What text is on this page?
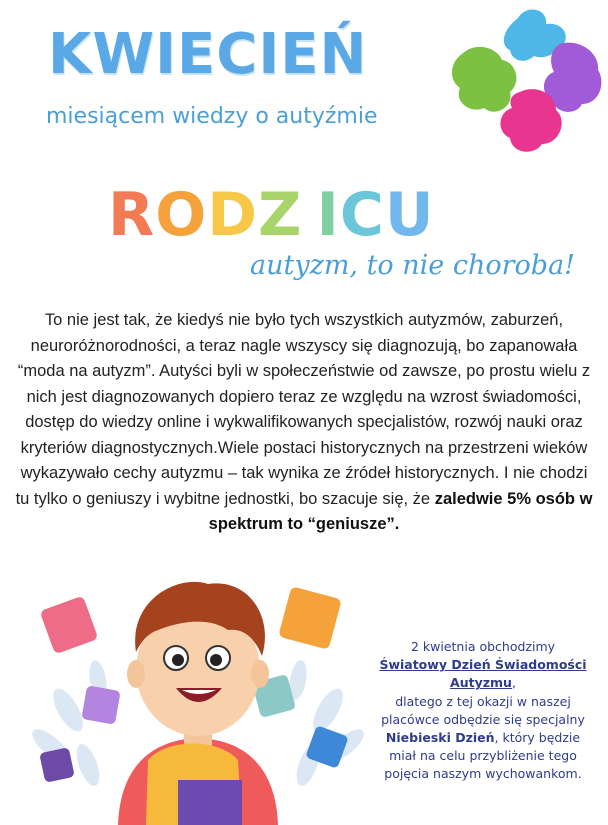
KWIECIEŃ
miesiącem wiedzy o autyźmie
RODZ ICU
autyzm, to nie choroba!

To nie jest tak, że kiedyś nie było tych wszystkich autyzmów, zaburzeń, neuroróżnorodności, a teraz nagle wszyscy się diagnozują, bo zapanowała “moda na autyzm”. Autyści byli w społeczeństwie od zawsze, po prostu wielu z nich jest diagnozowanych dopiero teraz ze względu na wzrost świadomości, dostęp do wiedzy online i wykwalifikowanych specjalistów, rozwój nauki oraz kryteriów diagnostycznych.Wiele postaci historycznych na przestrzeni wieków wykazywało cechy autyzmu – tak wynika ze źródeł historycznych. I nie chodzi tu tylko o geniuszy i wybitne jednostki, bo szacuje się, że zaledwie 5% osób w spektrum to “geniusze”.

2 kwietnia obchodzimy
Światowy Dzień Świadomości Autyzmu,
dlatego z tej okazji w naszej placówce odbędzie się specjalny
Niebieski Dzień, który będzie miał na celu przybliżenie tego pojęcia naszym wychowankom.
